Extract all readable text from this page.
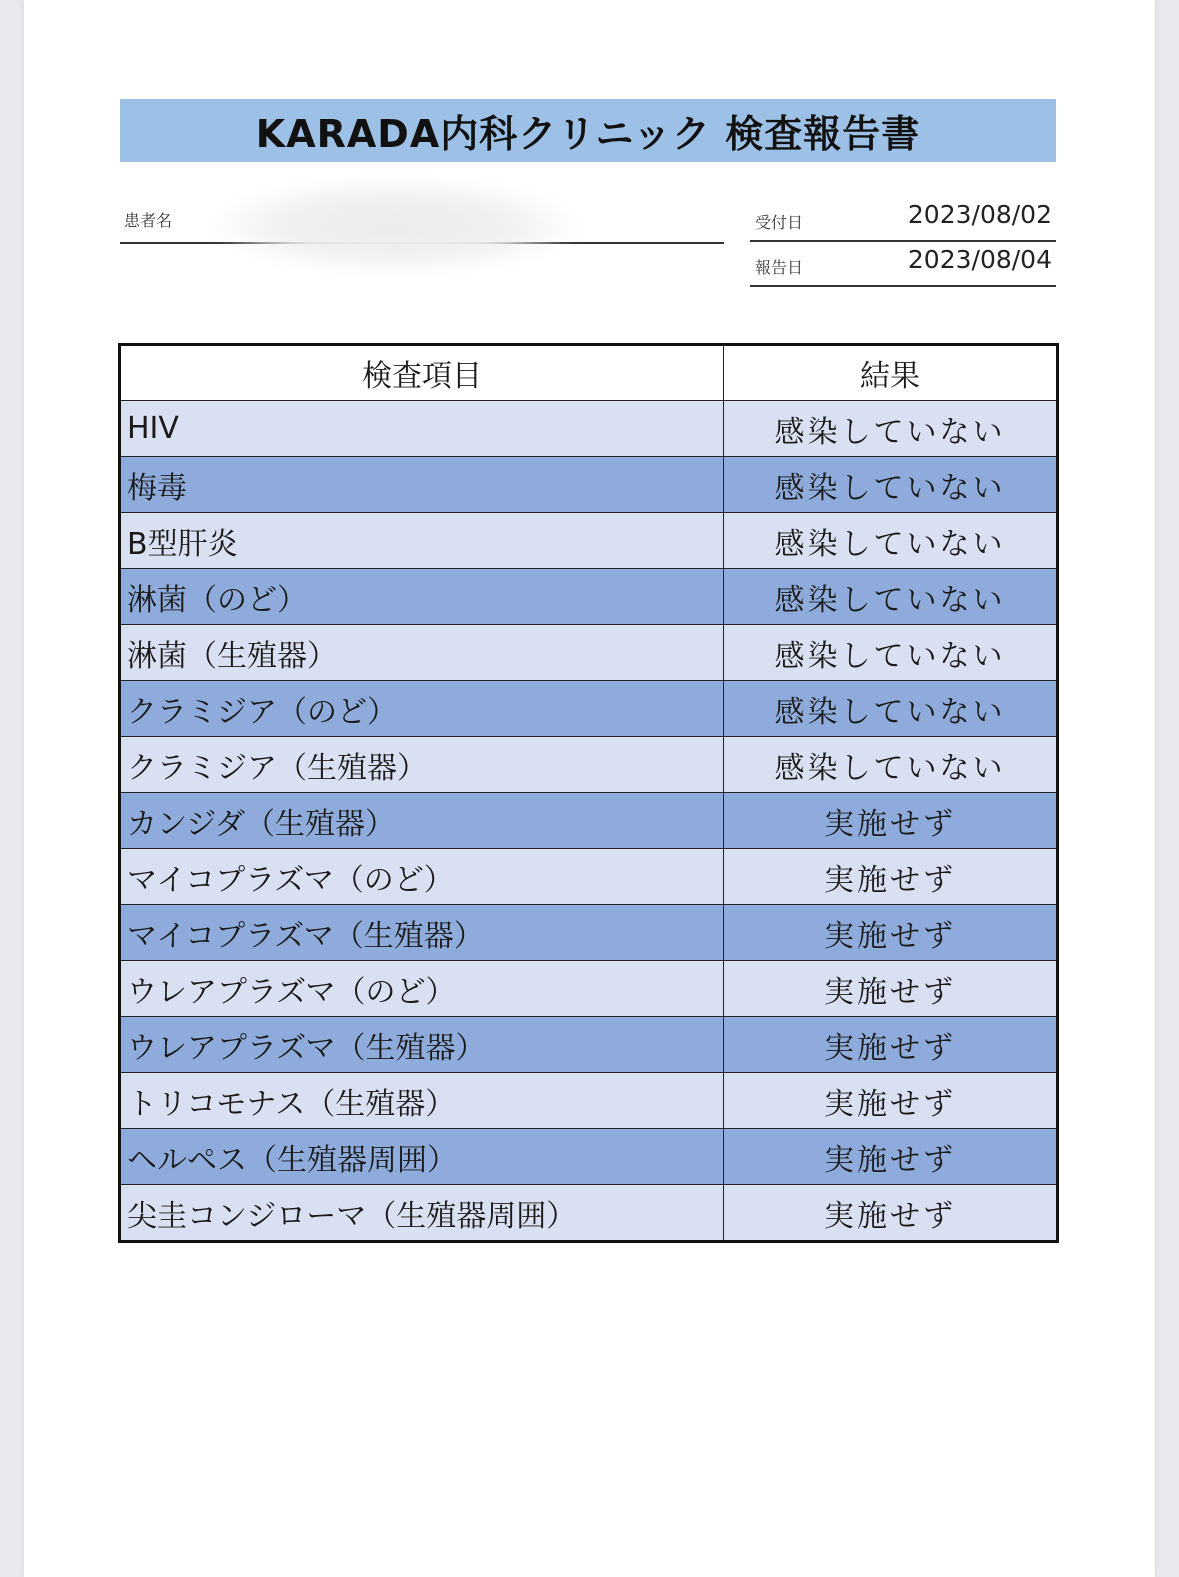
KARADA内科クリニック 検査報告書
患者名	受付日	2023/08/02
報告日	2023/08/04
検査項目	結果
HIV	感染していない
梅毒	感染していない
B型肝炎	感染していない
淋菌（のど）	感染していない
淋菌（生殖器）	感染していない
クラミジア（のど）	感染していない
クラミジア（生殖器）	感染していない
カンジダ（生殖器）	実施せず
マイコプラズマ（のど）	実施せず
マイコプラズマ（生殖器）	実施せず
ウレアプラズマ（のど）	実施せず
ウレアプラズマ（生殖器）	実施せず
トリコモナス（生殖器）	実施せず
ヘルペス（生殖器周囲）	実施せず
尖圭コンジローマ（生殖器周囲）	実施せず
